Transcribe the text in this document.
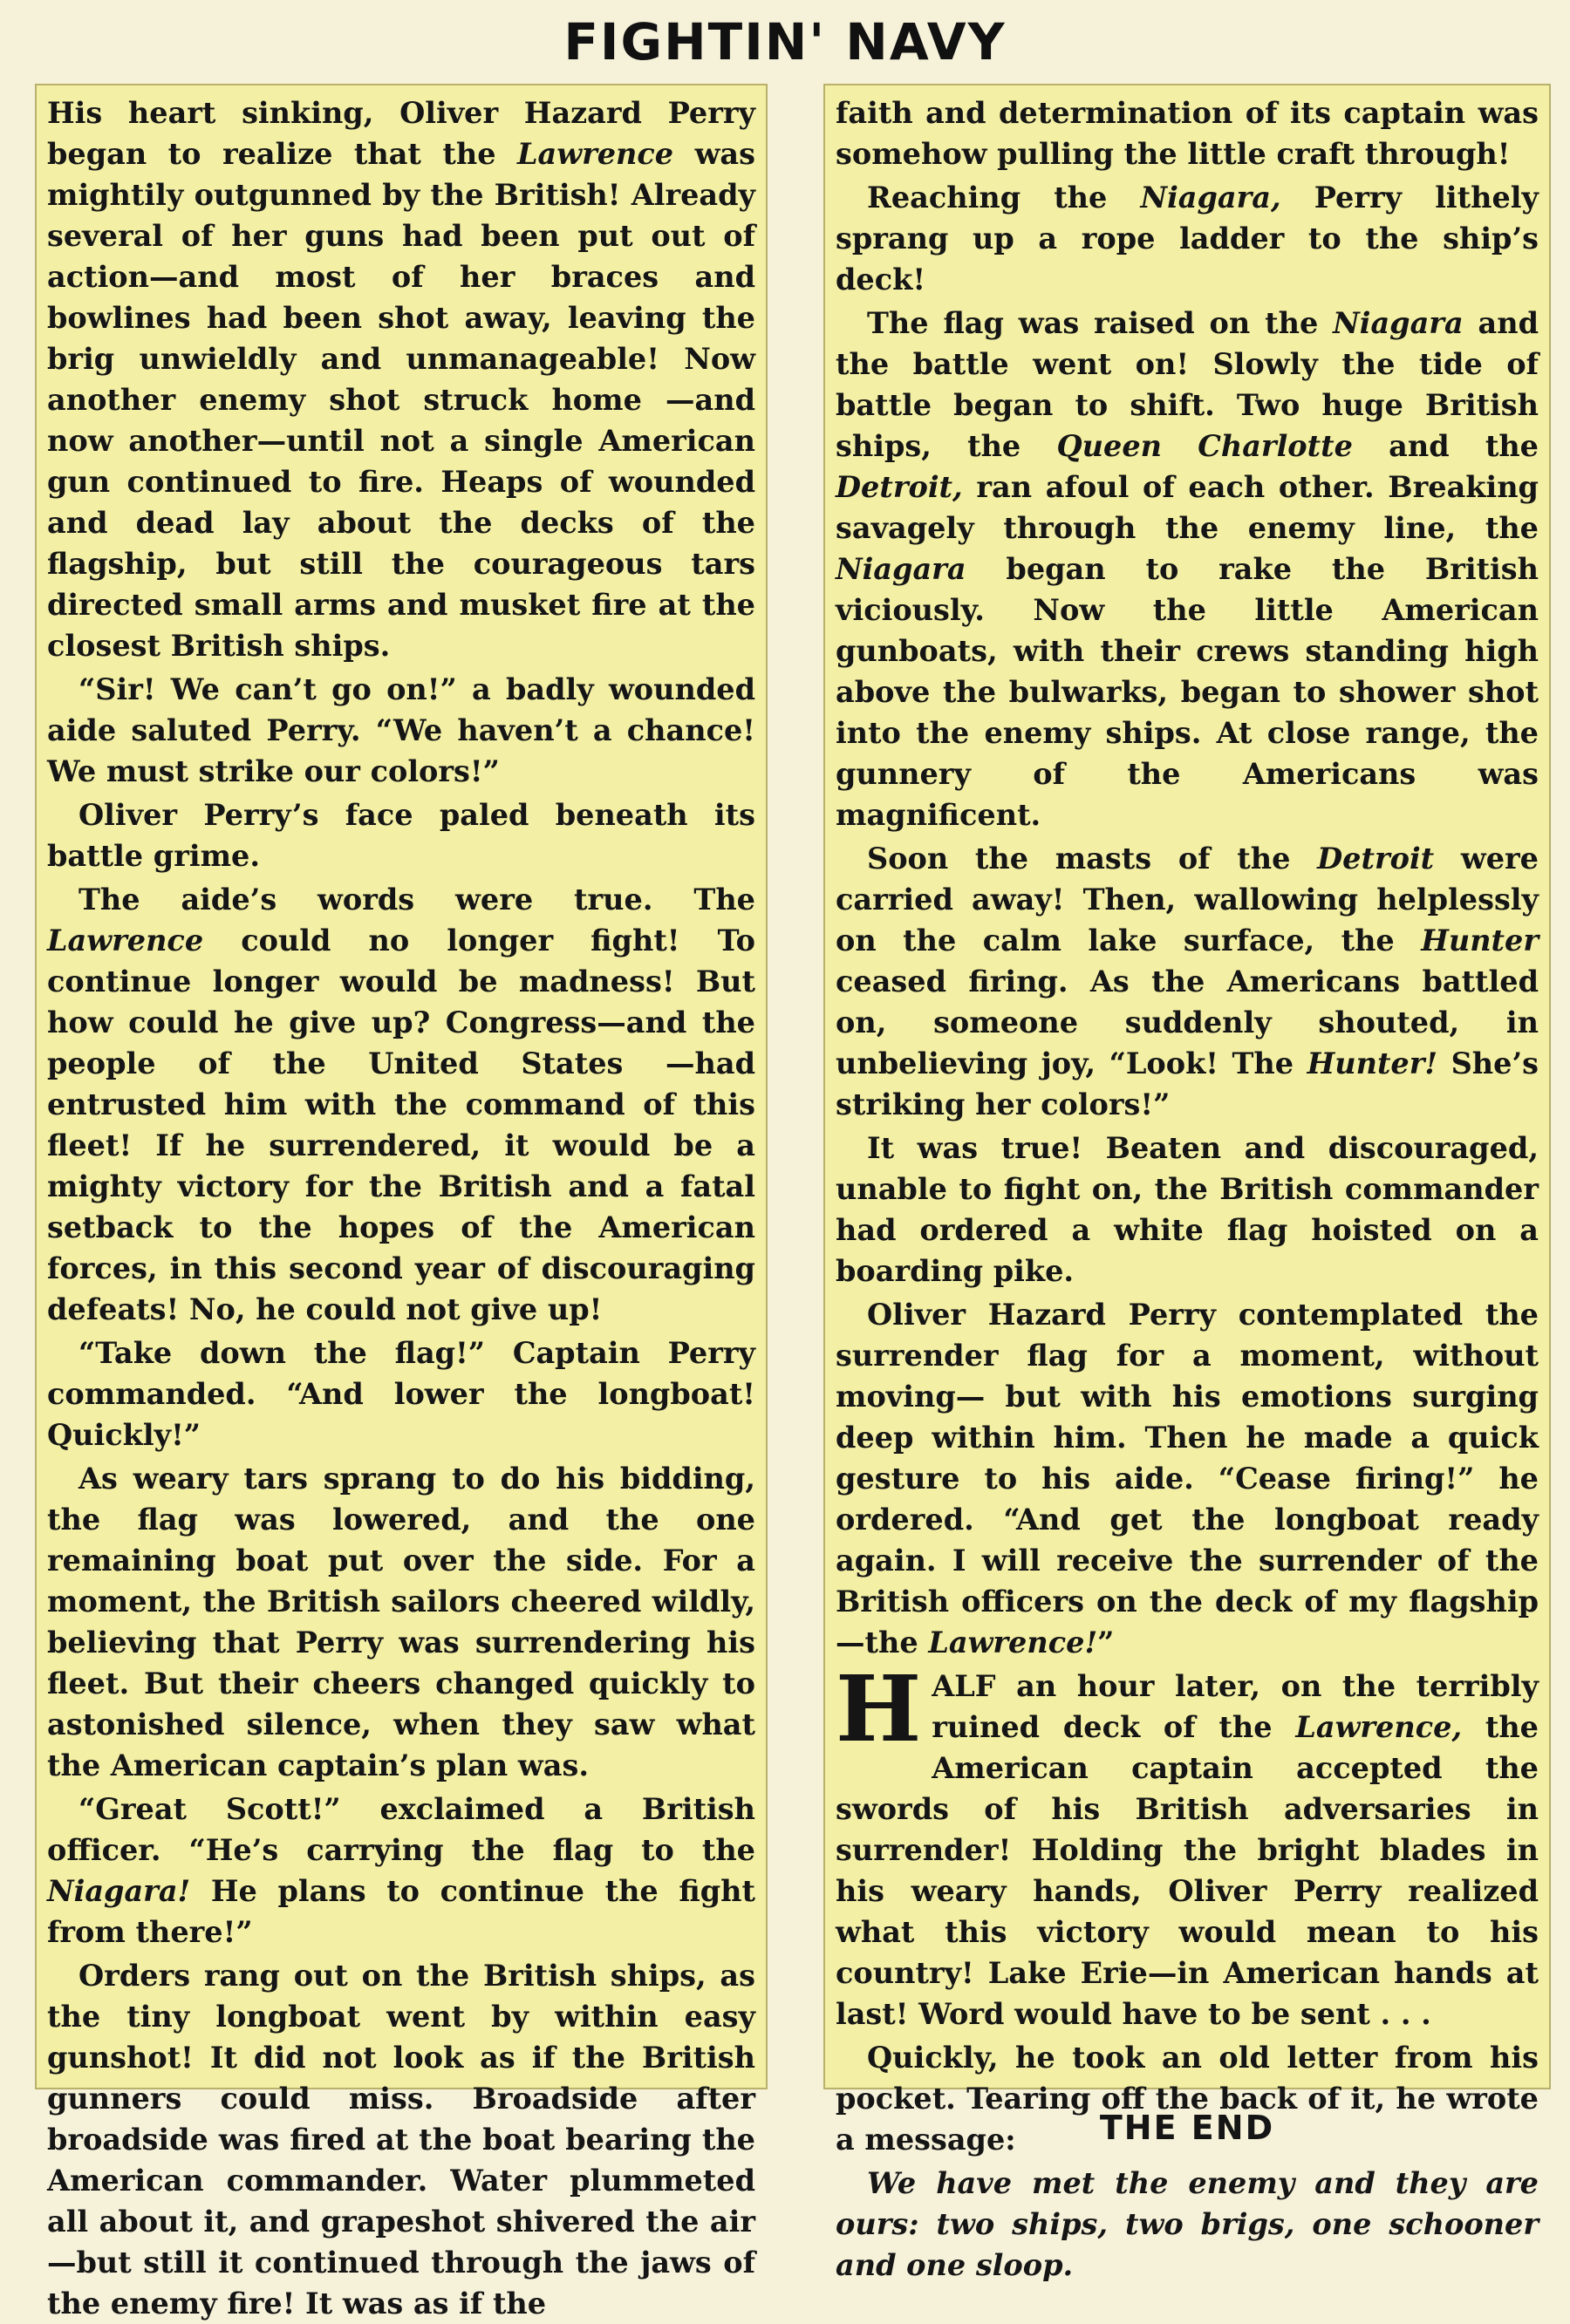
FIGHTIN' NAVY

His heart sinking, Oliver Hazard Perry began to realize that the Lawrence was mightily outgunned by the British! Already several of her guns had been put out of action—and most of her braces and bowlines had been shot away, leaving the brig unwieldly and unmanageable! Now another enemy shot struck home —and now another—until not a single American gun continued to fire. Heaps of wounded and dead lay about the decks of the flagship, but still the courageous tars directed small arms and musket fire at the closest British ships.

“Sir! We can’t go on!” a badly wounded aide saluted Perry. “We haven’t a chance! We must strike our colors!”

Oliver Perry’s face paled beneath its battle grime.

The aide’s words were true. The Lawrence could no longer fight! To continue longer would be madness! But how could he give up? Congress—and the people of the United States —had entrusted him with the command of this fleet! If he surrendered, it would be a mighty victory for the British and a fatal setback to the hopes of the American forces, in this second year of discouraging defeats! No, he could not give up!

“Take down the flag!” Captain Perry commanded. “And lower the longboat! Quickly!”

As weary tars sprang to do his bidding, the flag was lowered, and the one remaining boat put over the side. For a moment, the British sailors cheered wildly, believing that Perry was surrendering his fleet. But their cheers changed quickly to astonished silence, when they saw what the American captain’s plan was.

“Great Scott!” exclaimed a British officer. “He’s carrying the flag to the Niagara! He plans to continue the fight from there!”

Orders rang out on the British ships, as the tiny longboat went by within easy gunshot! It did not look as if the British gunners could miss. Broadside after broadside was fired at the boat bearing the American commander. Water plummeted all about it, and grapeshot shivered the air—but still it continued through the jaws of the enemy fire! It was as if the

faith and determination of its captain was somehow pulling the little craft through!

Reaching the Niagara, Perry lithely sprang up a rope ladder to the ship’s deck!

The flag was raised on the Niagara and the battle went on! Slowly the tide of battle began to shift. Two huge British ships, the Queen Charlotte and the Detroit, ran afoul of each other. Breaking savagely through the enemy line, the Niagara began to rake the British viciously. Now the little American gunboats, with their crews standing high above the bulwarks, began to shower shot into the enemy ships. At close range, the gunnery of the Americans was magnificent.

Soon the masts of the Detroit were carried away! Then, wallowing helplessly on the calm lake surface, the Hunter ceased firing. As the Americans battled on, someone suddenly shouted, in unbelieving joy, “Look! The Hunter! She’s striking her colors!”

It was true! Beaten and discouraged, unable to fight on, the British commander had ordered a white flag hoisted on a boarding pike.

Oliver Hazard Perry contemplated the surrender flag for a moment, without moving— but with his emotions surging deep within him. Then he made a quick gesture to his aide. “Cease firing!” he ordered. “And get the longboat ready again. I will receive the surrender of the British officers on the deck of my flagship—the Lawrence!”

HALF an hour later, on the terribly ruined deck of the Lawrence, the American captain accepted the swords of his British adversaries in surrender! Holding the bright blades in his weary hands, Oliver Perry realized what this victory would mean to his country! Lake Erie—in American hands at last! Word would have to be sent . . .

Quickly, he took an old letter from his pocket. Tearing off the back of it, he wrote a message:

We have met the enemy and they are ours: two ships, two brigs, one schooner and one sloop.

THE END
